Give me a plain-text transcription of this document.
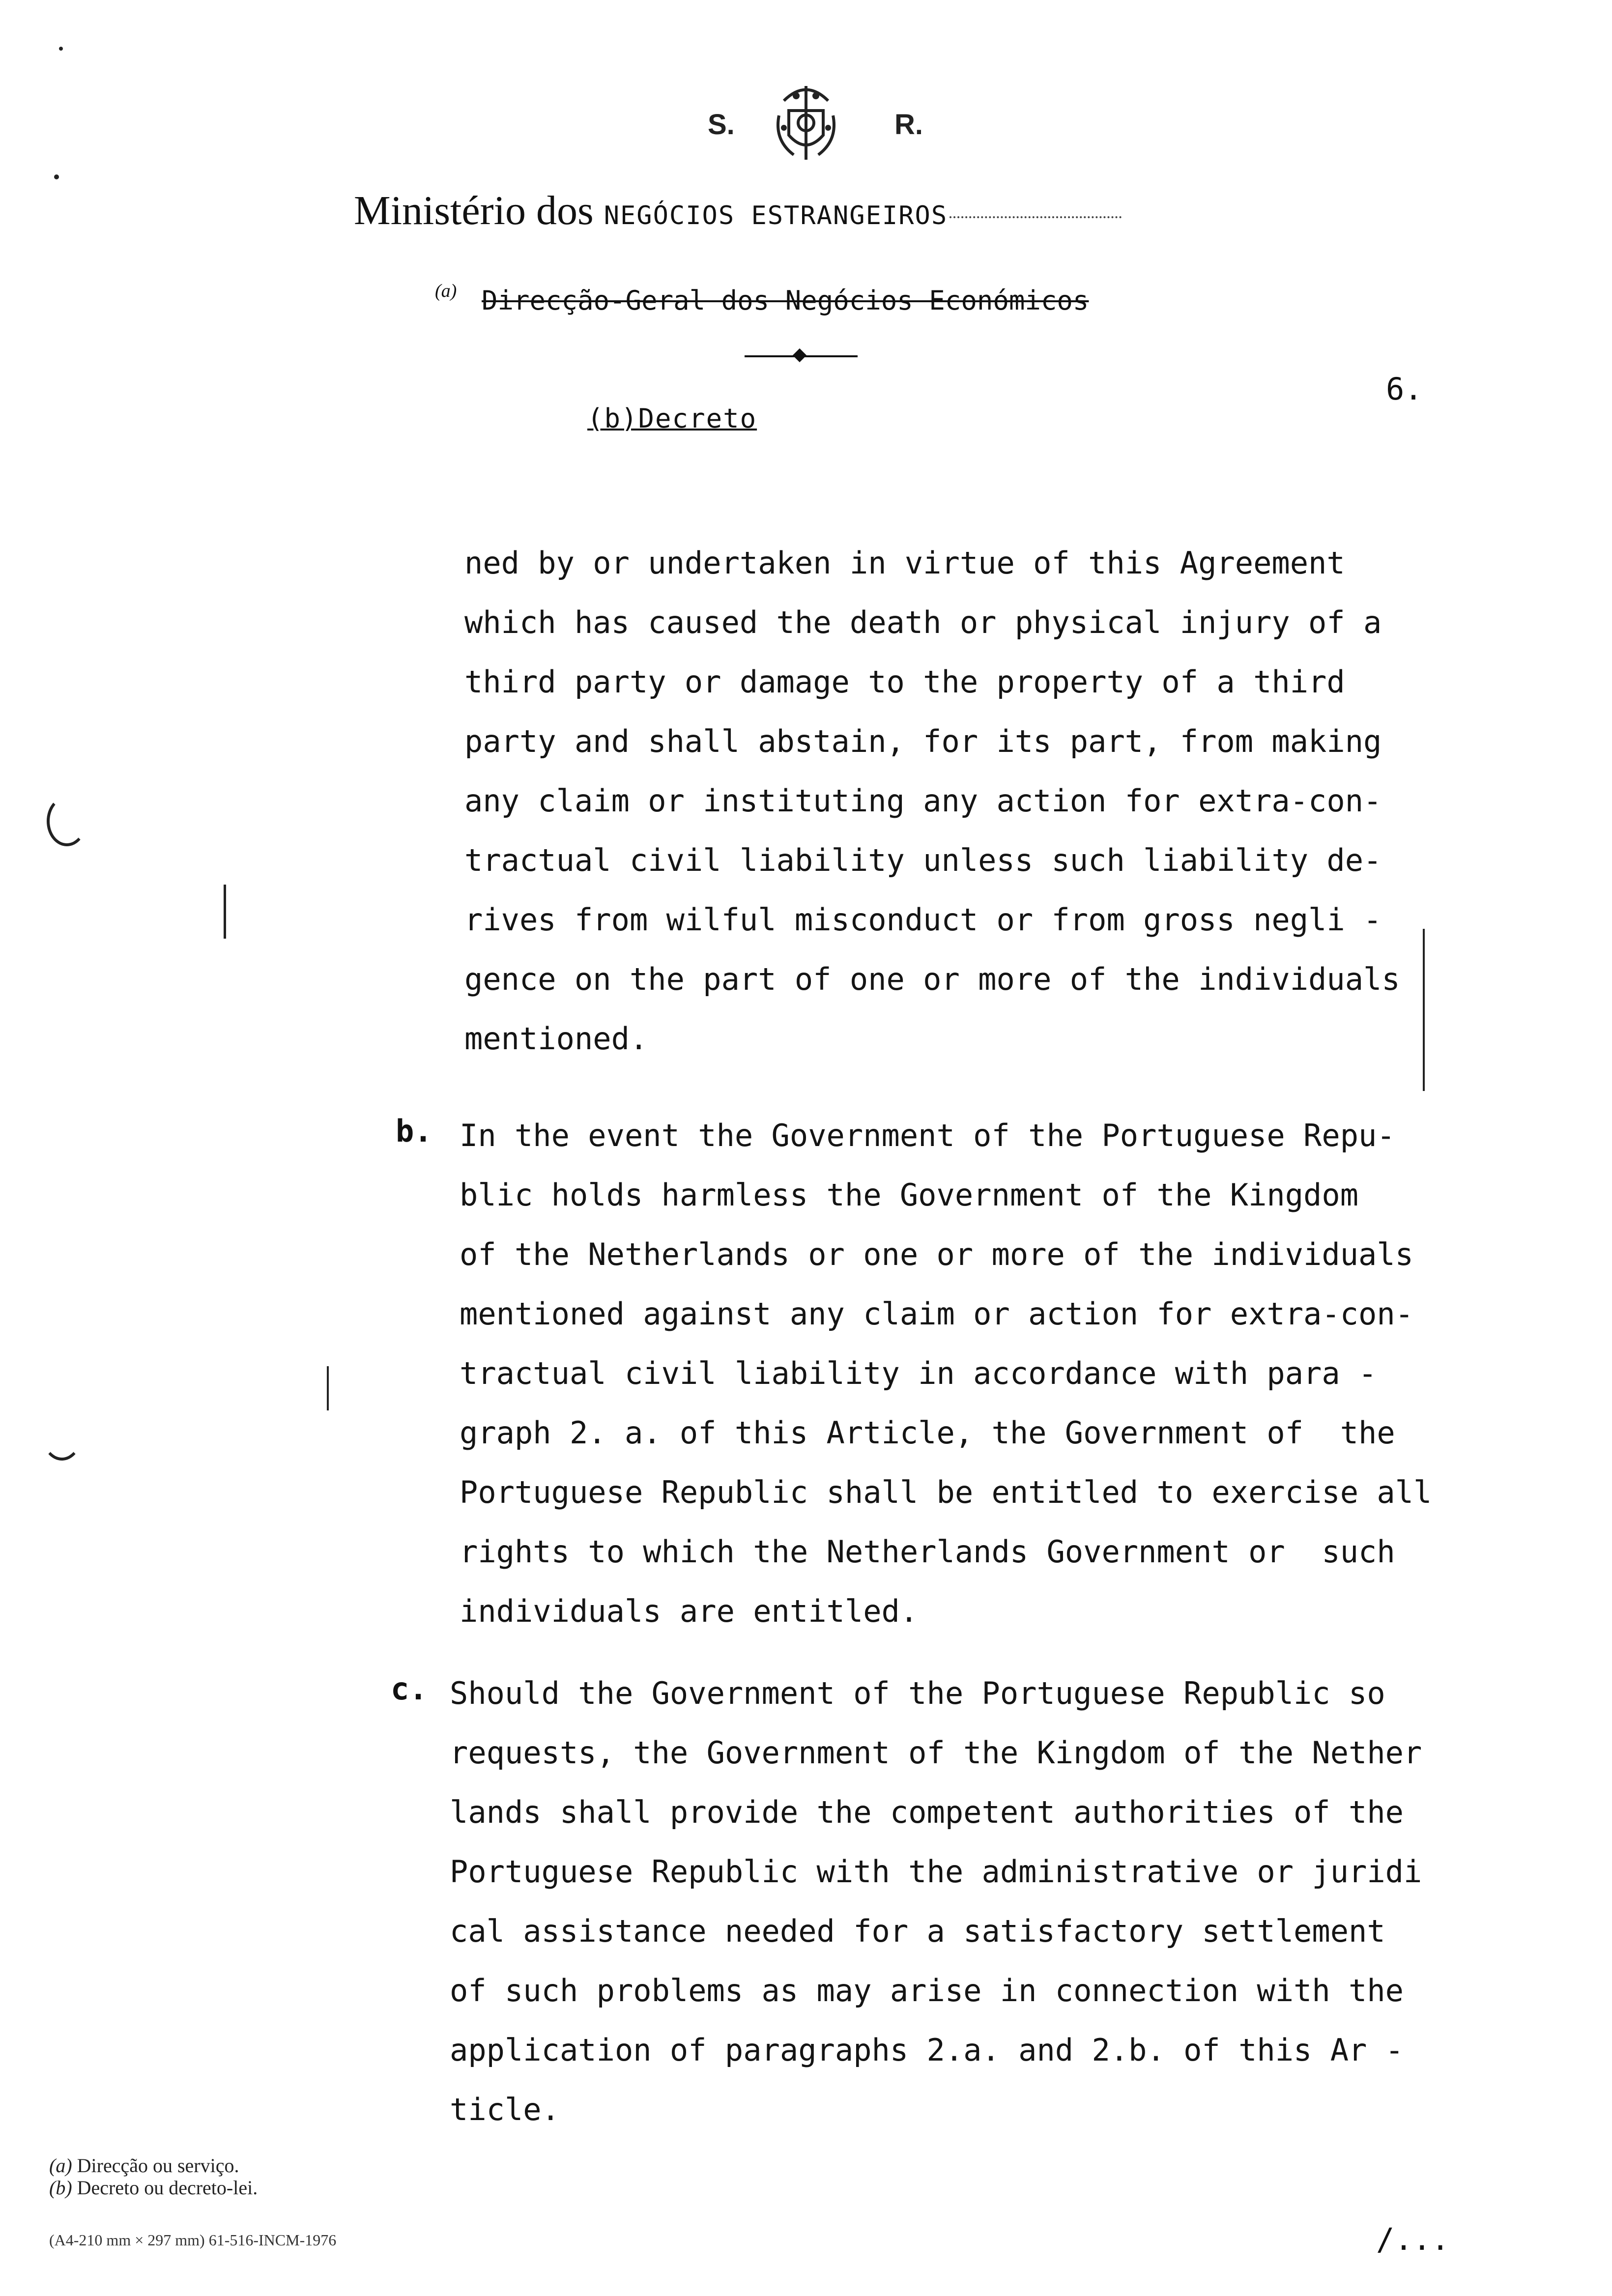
S.	R.
Ministério dos NEGÓCIOS ESTRANGEIROS
(a) Direcção-Geral dos Negócios Económicos
(b)Decreto
6.
ned by or undertaken in virtue of this Agreement
which has caused the death or physical injury of a
third party or damage to the property of a third
party and shall abstain, for its part, from making
any claim or instituting any action for extra-con-
tractual civil liability unless such liability de-
rives from wilful misconduct or from gross negli -
gence on the part of one or more of the individuals
mentioned.
b. In the event the Government of the Portuguese Repu-
blic holds harmless the Government of the Kingdom
of the Netherlands or one or more of the individuals
mentioned against any claim or action for extra-con-
tractual civil liability in accordance with para -
graph 2. a. of this Article, the Government of  the
Portuguese Republic shall be entitled to exercise all
rights to which the Netherlands Government or  such
individuals are entitled.
c. Should the Government of the Portuguese Republic so
requests, the Government of the Kingdom of the Nether
lands shall provide the competent authorities of the
Portuguese Republic with the administrative or juridi
cal assistance needed for a satisfactory settlement
of such problems as may arise in connection with the
application of paragraphs 2.a. and 2.b. of this Ar -
ticle.
(a) Direcção ou serviço.
(b) Decreto ou decreto-lei.
(A4-210 mm × 297 mm) 61-516-INCM-1976	/...
